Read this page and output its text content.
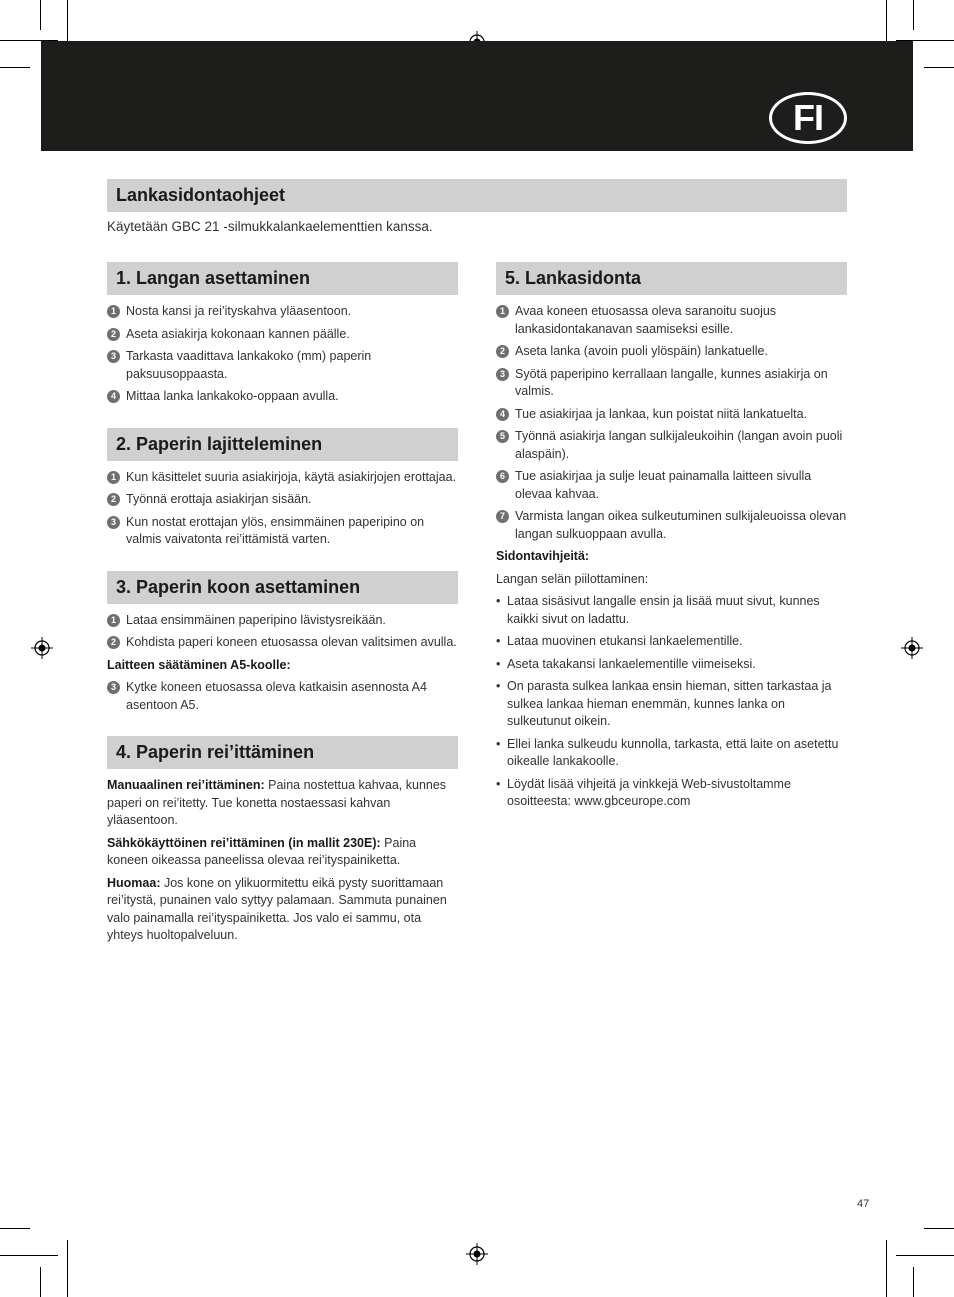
FI
Lankasidontaohjeet
Käytetään GBC 21 -silmukkalankaelementtien kanssa.
1. Langan asettaminen
1 Nosta kansi ja rei’ityskahva yläasentoon.
2 Aseta asiakirja kokonaan kannen päälle.
3 Tarkasta vaadittava lankakoko (mm) paperin paksuusoppaasta.
4 Mittaa lanka lankakoko-oppaan avulla.
2. Paperin lajitteleminen
1 Kun käsittelet suuria asiakirjoja, käytä asiakirjojen erottajaa.
2 Työnnä erottaja asiakirjan sisään.
3 Kun nostat erottajan ylös, ensimmäinen paperipino on valmis vaivatonta rei’ittämistä varten.
3. Paperin koon asettaminen
1 Lataa ensimmäinen paperipino lävistysreikään.
2 Kohdista paperi koneen etuosassa olevan valitsimen avulla.
Laitteen säätäminen A5-koolle:
3 Kytke koneen etuosassa oleva katkaisin asennosta A4 asentoon A5.
4. Paperin rei’ittäminen
Manuaalinen rei’ittäminen: Paina nostettua kahvaa, kunnes paperi on rei’itetty. Tue konetta nostaessasi kahvan yläasentoon.
Sähkökäyttöinen rei’ittäminen (in mallit 230E): Paina koneen oikeassa paneelissa olevaa rei’ityspainiketta.
Huomaa: Jos kone on ylikuormitettu eikä pysty suorittamaan rei’itystä, punainen valo syttyy palamaan. Sammuta punainen valo painamalla rei’ityspainiketta. Jos valo ei sammu, ota yhteys huoltopalveluun.
5. Lankasidonta
1 Avaa koneen etuosassa oleva saranoitu suojus lankasidontakanavan saamiseksi esille.
2 Aseta lanka (avoin puoli ylöspäin) lankatuelle.
3 Syötä paperipino kerrallaan langalle, kunnes asiakirja on valmis.
4 Tue asiakirjaa ja lankaa, kun poistat niitä lankatuelta.
5 Työnnä asiakirja langan sulkijaleukoihin (langan avoin puoli alaspäin).
6 Tue asiakirjaa ja sulje leuat painamalla laitteen sivulla olevaa kahvaa.
7 Varmista langan oikea sulkeutuminen sulkijaleuoissa olevan langan sulkuoppaan avulla.
Sidontavihjeitä:
Langan selän piilottaminen:
• Lataa sisäsivut langalle ensin ja lisää muut sivut, kunnes kaikki sivut on ladattu.
• Lataa muovinen etukansi lankaelementille.
• Aseta takakansi lankaelementille viimeiseksi.
• On parasta sulkea lankaa ensin hieman, sitten tarkastaa ja sulkea lankaa hieman enemmän, kunnes lanka on sulkeutunut oikein.
• Ellei lanka sulkeudu kunnolla, tarkasta, että laite on asetettu oikealle lankakoolle.
• Löydät lisää vihjeitä ja vinkkejä Web-sivustoltamme osoitteesta: www.gbceurope.com
47
